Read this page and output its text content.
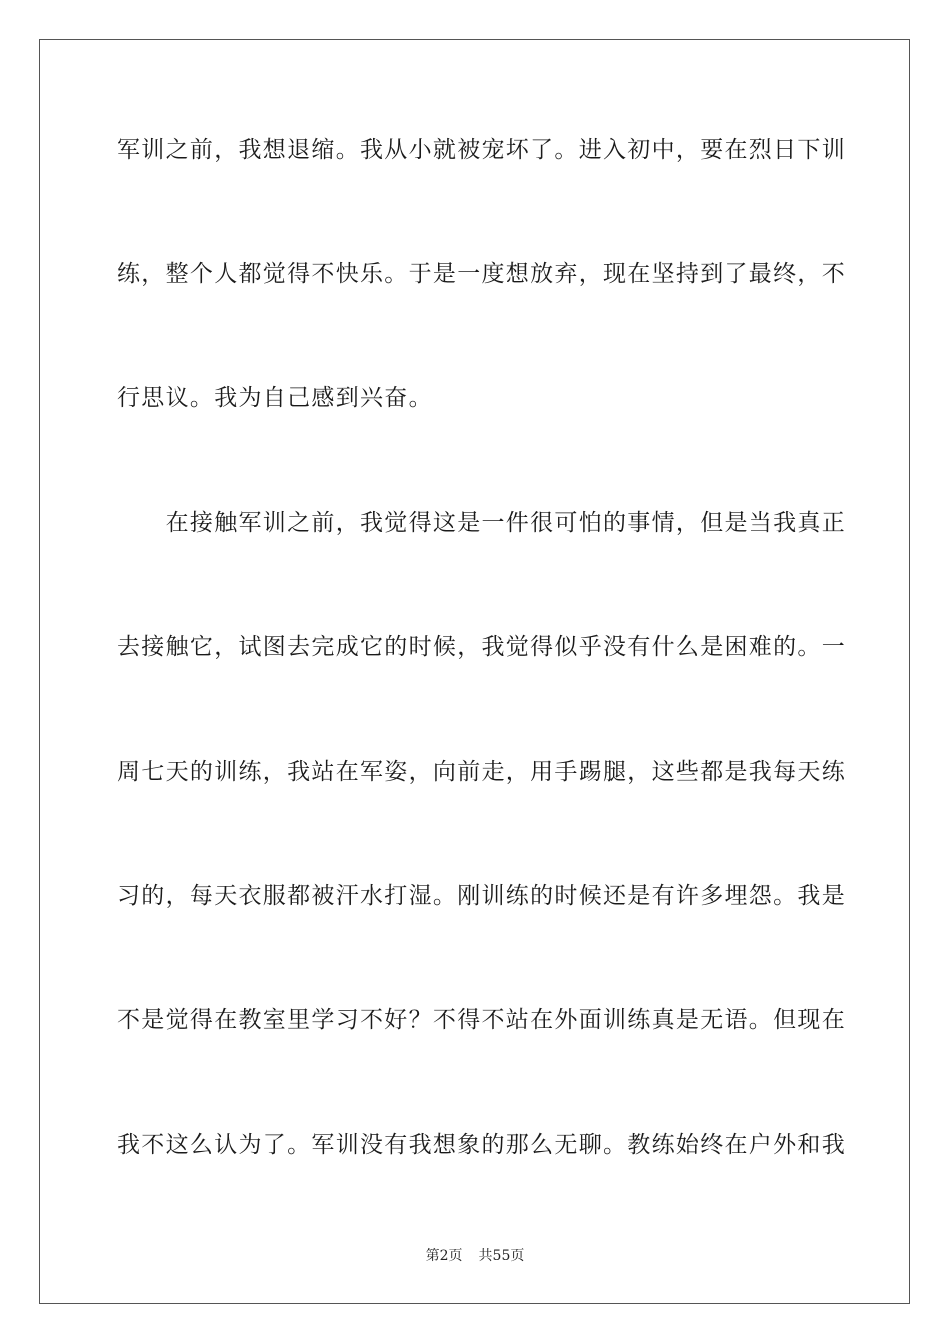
军训之前，我想退缩。我从小就被宠坏了。进入初中，要在烈日下训
练，整个人都觉得不快乐。于是一度想放弃，现在坚持到了最终，不
行思议。我为自己感到兴奋。
　　在接触军训之前，我觉得这是一件很可怕的事情，但是当我真正
去接触它，试图去完成它的时候，我觉得似乎没有什么是困难的。一
周七天的训练，我站在军姿，向前走，用手踢腿，这些都是我每天练
习的，每天衣服都被汗水打湿。刚训练的时候还是有许多埋怨。我是
不是觉得在教室里学习不好？不得不站在外面训练真是无语。但现在
我不这么认为了。军训没有我想象的那么无聊。教练始终在户外和我
第2页 共55页
